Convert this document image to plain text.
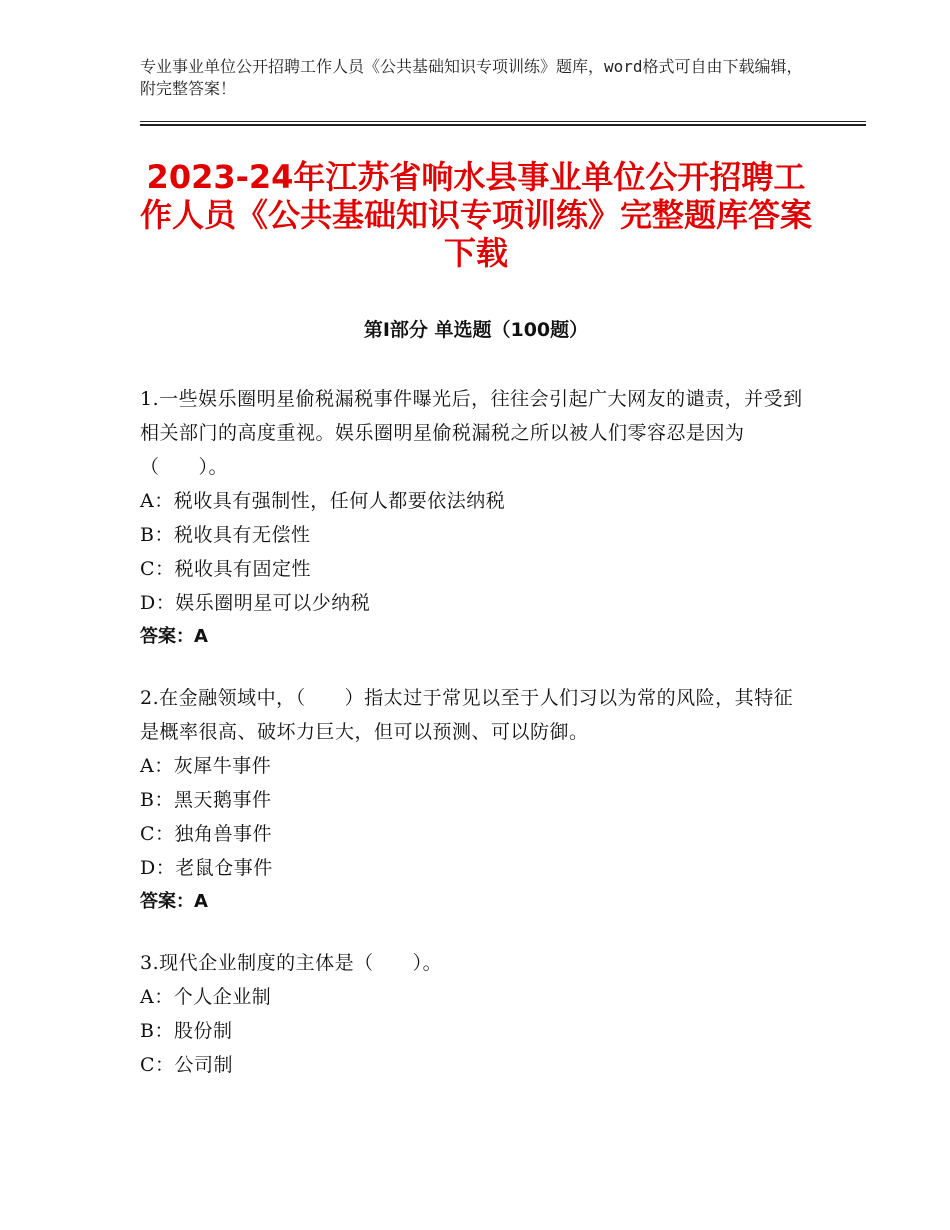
专业事业单位公开招聘工作人员《公共基础知识专项训练》题库，word格式可自由下载编辑，附完整答案！
2023-24年江苏省响水县事业单位公开招聘工作人员《公共基础知识专项训练》完整题库答案下载
第Ⅰ部分 单选题（100题）
1.一些娱乐圈明星偷税漏税事件曝光后，往往会引起广大网友的谴责，并受到相关部门的高度重视。娱乐圈明星偷税漏税之所以被人们零容忍是因为（　　）。
A：税收具有强制性，任何人都要依法纳税
B：税收具有无偿性
C：税收具有固定性
D：娱乐圈明星可以少纳税
答案：A
2.在金融领域中，（　　）指太过于常见以至于人们习以为常的风险，其特征是概率很高、破坏力巨大，但可以预测、可以防御。
A：灰犀牛事件
B：黑天鹅事件
C：独角兽事件
D：老鼠仓事件
答案：A
3.现代企业制度的主体是（　　）。
A：个人企业制
B：股份制
C：公司制
